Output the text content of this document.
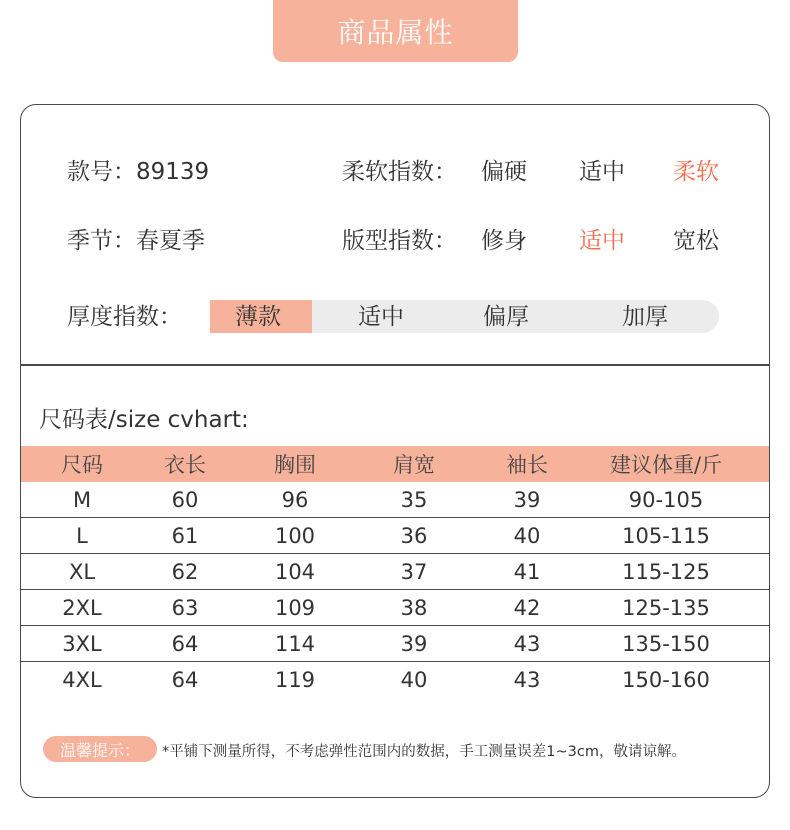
商品属性
款号：89139
季节：春夏季
柔软指数： 偏硬 适中 柔软
版型指数： 修身 适中 宽松
厚度指数： 薄款	适中	偏厚	加厚
尺码表/size cvhart:
尺码	衣长	胸围	肩宽	袖长	建议体重/斤
M	60	96	35	39	90-105
L	61	100	36	40	105-115
XL	62	104	37	41	115-125
2XL	63	109	38	42	125-135
3XL	64	114	39	43	135-150
4XL	64	119	40	43	150-160
温馨提示： *平铺下测量所得，不考虑弹性范围内的数据，手工测量误差1~3cm，敬请谅解。
